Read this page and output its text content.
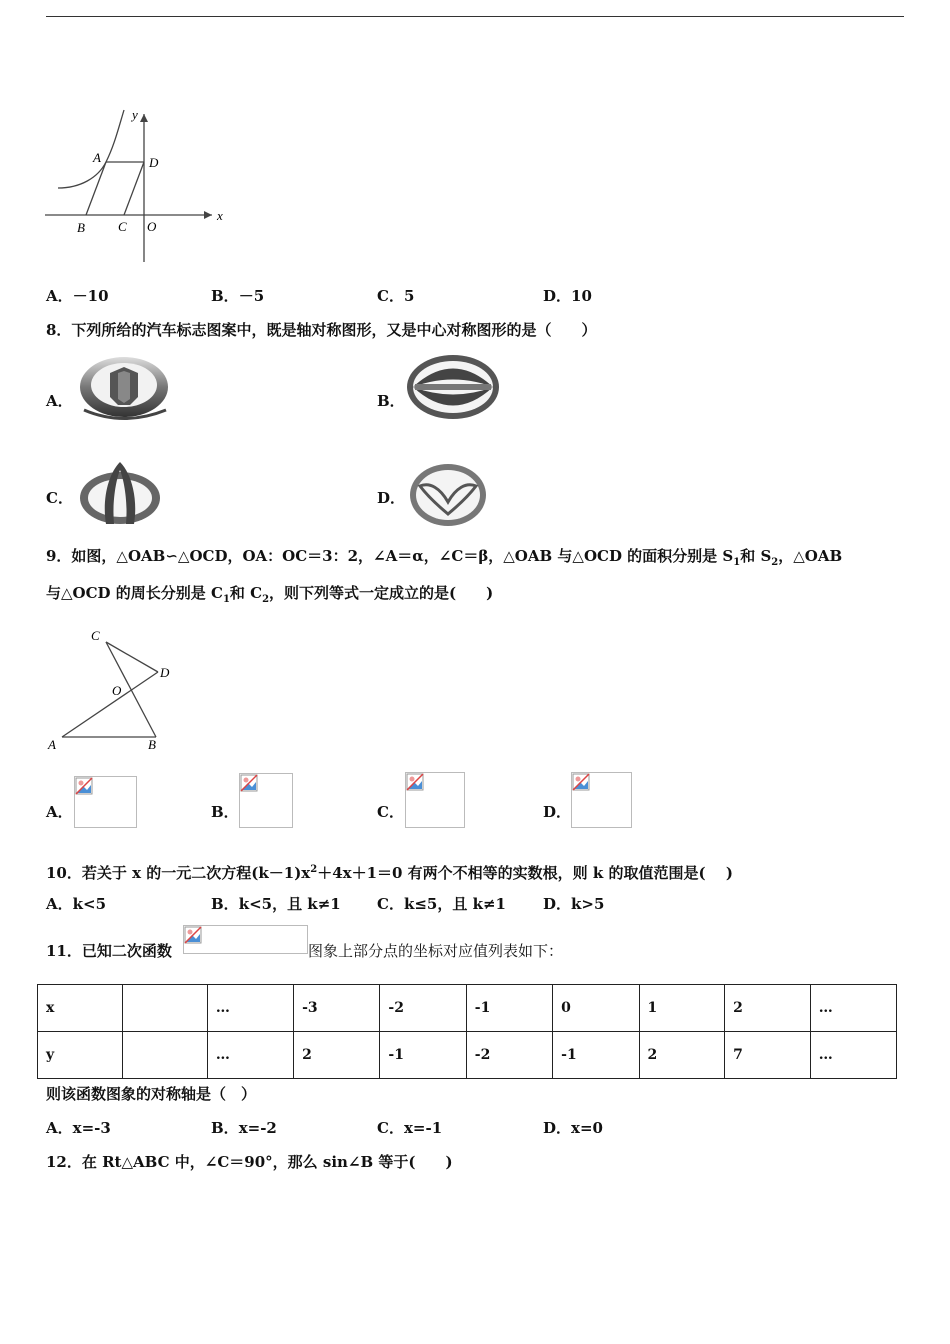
y
x
A	D
B	C O
A．－10	B．－5	C．5	D．10
8．下列所给的汽车标志图案中，既是轴对称图形，又是中心对称图形的是（　　）
A．	B．
C．	D．
9．如图，△OAB∽△OCD，OA：OC＝3：2，∠A＝α，∠C＝β，△OAB 与△OCD 的面积分别是 $S_1$和 $S_2$，△OAB
与△OCD 的周长分别是 $C_1$和 $C_2$，则下列等式一定成立的是(　　)
C
D
O
A	B
A．	B．	C．	D．
10．若关于 x 的一元二次方程$(k-1)x^2+4x+1=0$ 有两个不相等的实数根，则 k 的取值范围是(　 )
A．k<5	B．k<5，且 k≠1 C．k≤5，且 k≠1 D．k>5
11．已知二次函数	图象上部分点的坐标对应值列表如下：
x		…	-3	-2	-1	0	1	2	…
y		…	2	-1	-2	-1	2	7	…
则该函数图象的对称轴是（　）
A．x=-3	B．x=-2	C．x=-1	D．x=0
12．在 Rt△ABC 中，∠C＝90°，那么 sin∠B 等于(　　)
